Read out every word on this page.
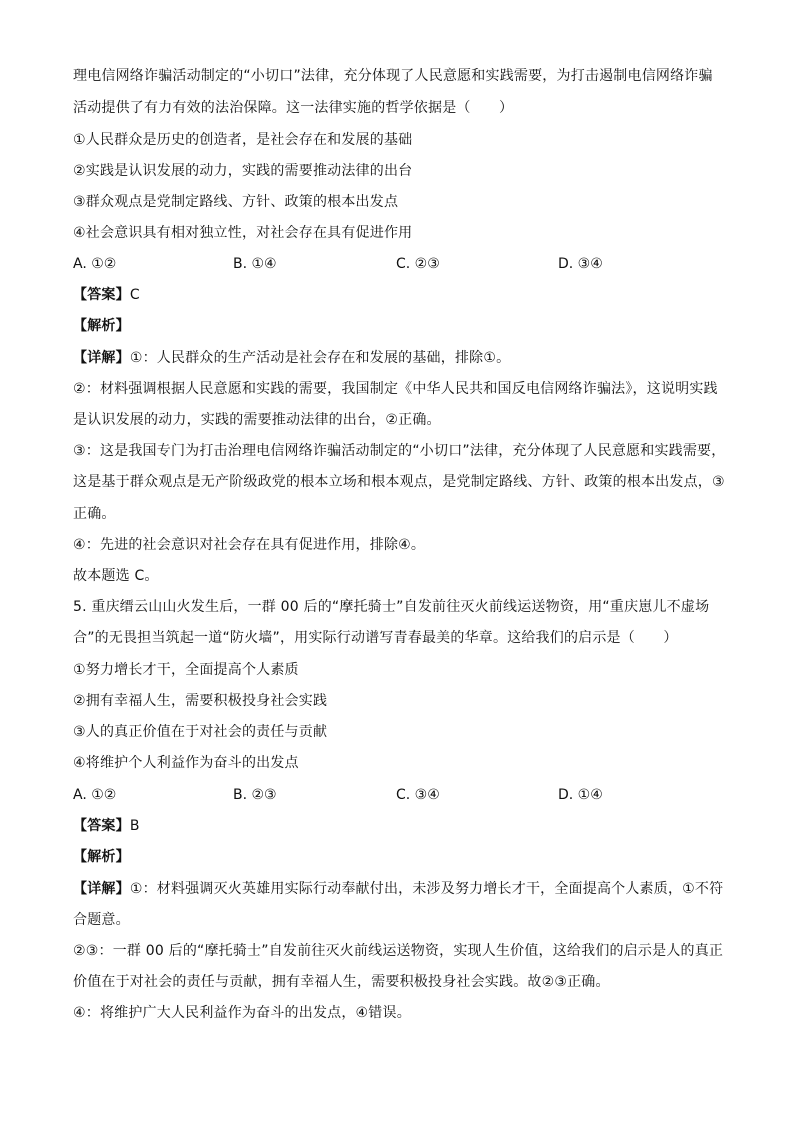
理电信网络诈骗活动制定的“小切口”法律，充分体现了人民意愿和实践需要，为打击遏制电信网络诈骗
活动提供了有力有效的法治保障。这一法律实施的哲学依据是（　　）
①人民群众是历史的创造者，是社会存在和发展的基础
②实践是认识发展的动力，实践的需要推动法律的出台
③群众观点是党制定路线、方针、政策的根本出发点
④社会意识具有相对独立性，对社会存在具有促进作用
A. ①②	B. ①④	C. ②③	D. ③④
【答案】C
【解析】
【详解】①：人民群众的生产活动是社会存在和发展的基础，排除①。
②：材料强调根据人民意愿和实践的需要，我国制定《中华人民共和国反电信网络诈骗法》，这说明实践
是认识发展的动力，实践的需要推动法律的出台，②正确。
③：这是我国专门为打击治理电信网络诈骗活动制定的“小切口”法律，充分体现了人民意愿和实践需要，
这是基于群众观点是无产阶级政党的根本立场和根本观点，是党制定路线、方针、政策的根本出发点，③
正确。
④：先进的社会意识对社会存在具有促进作用，排除④。
故本题选 C。
5. 重庆缙云山山火发生后，一群 00 后的“摩托骑士”自发前往灭火前线运送物资，用“重庆崽儿不虚场
合”的无畏担当筑起一道“防火墙”，用实际行动谱写青春最美的华章。这给我们的启示是（　　）
①努力增长才干，全面提高个人素质
②拥有幸福人生，需要积极投身社会实践
③人的真正价值在于对社会的责任与贡献
④将维护个人利益作为奋斗的出发点
A. ①②	B. ②③	C. ③④	D. ①④
【答案】B
【解析】
【详解】①：材料强调灭火英雄用实际行动奉献付出，未涉及努力增长才干，全面提高个人素质，①不符
合题意。
②③：一群 00 后的“摩托骑士”自发前往灭火前线运送物资，实现人生价值，这给我们的启示是人的真正
价值在于对社会的责任与贡献，拥有幸福人生，需要积极投身社会实践。故②③正确。
④：将维护广大人民利益作为奋斗的出发点，④错误。
